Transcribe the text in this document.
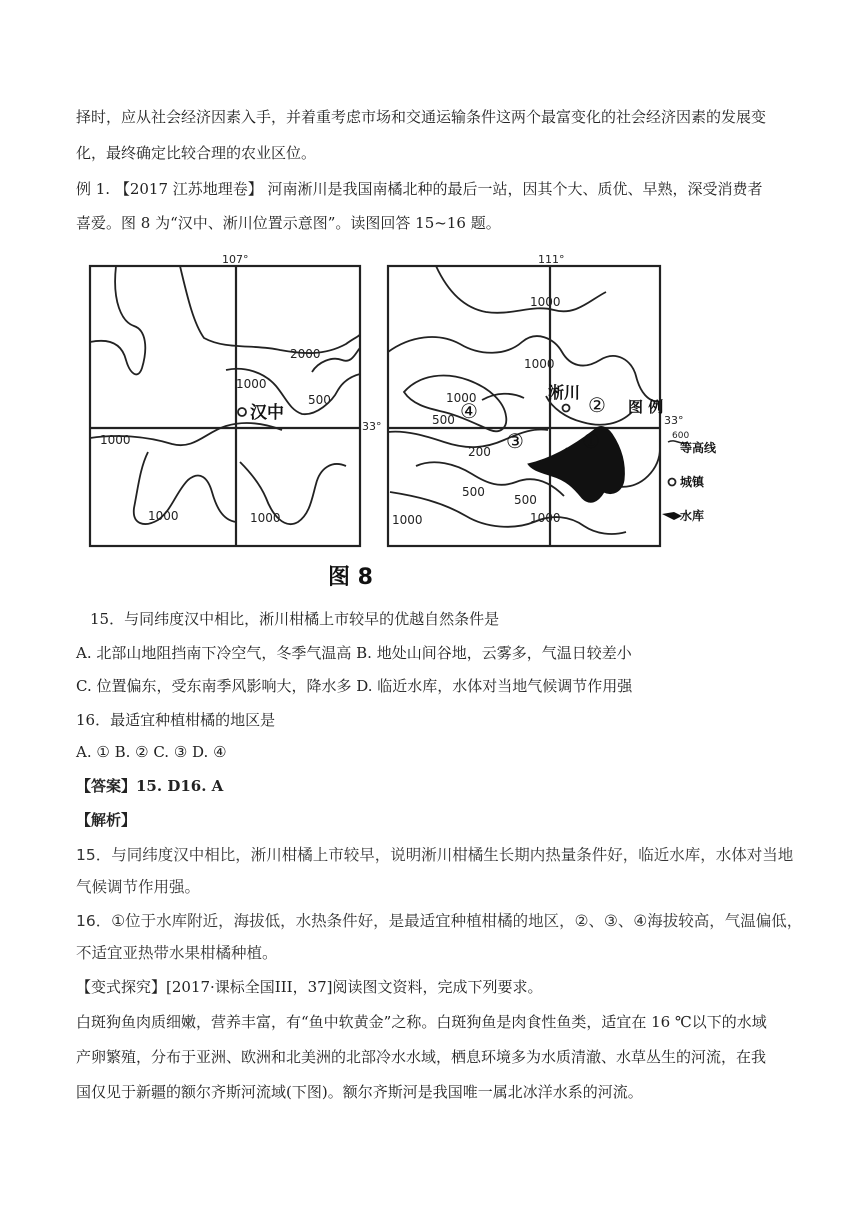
择时，应从社会经济因素入手，并着重考虑市场和交通运输条件这两个最富变化的社会经济因素的发展变
化，最终确定比较合理的农业区位。
例 1. 【2017 江苏地理卷】 河南淅川是我国南橘北种的最后一站，因其个大、质优、早熟，深受消费者
喜爱。图 8 为“汉中、淅川位置示意图”。读图回答 15~16 题。
2000
1000
500
1000
1000	1000
汉中
107°
33°
1000
1000
1000
500
200
500
500
1000
1000
④
③
②
①
淅川
111°
33°
图 例
600
等高线
城镇
水库
图 8
15．与同纬度汉中相比，淅川柑橘上市较早的优越自然条件是
A. 北部山地阻挡南下冷空气，冬季气温高 B. 地处山间谷地，云雾多，气温日较差小
C. 位置偏东，受东南季风影响大，降水多 D. 临近水库，水体对当地气候调节作用强
16．最适宜种植柑橘的地区是
A. ① B. ② C. ③ D. ④
【答案】15. D16. A
【解析】
15．与同纬度汉中相比，淅川柑橘上市较早，说明淅川柑橘生长期内热量条件好，临近水库，水体对当地
气候调节作用强。
16．①位于水库附近，海拔低，水热条件好，是最适宜种植柑橘的地区，②、③、④海拔较高，气温偏低，
不适宜亚热带水果柑橘种植。
【变式探究】[2017·课标全国III，37]阅读图文资料，完成下列要求。
白斑狗鱼肉质细嫩，营养丰富，有“鱼中软黄金”之称。白斑狗鱼是肉食性鱼类，适宜在 16 ℃以下的水域
产卵繁殖，分布于亚洲、欧洲和北美洲的北部冷水水域，栖息环境多为水质清澈、水草丛生的河流，在我
国仅见于新疆的额尔齐斯河流域(下图)。额尔齐斯河是我国唯一属北冰洋水系的河流。
